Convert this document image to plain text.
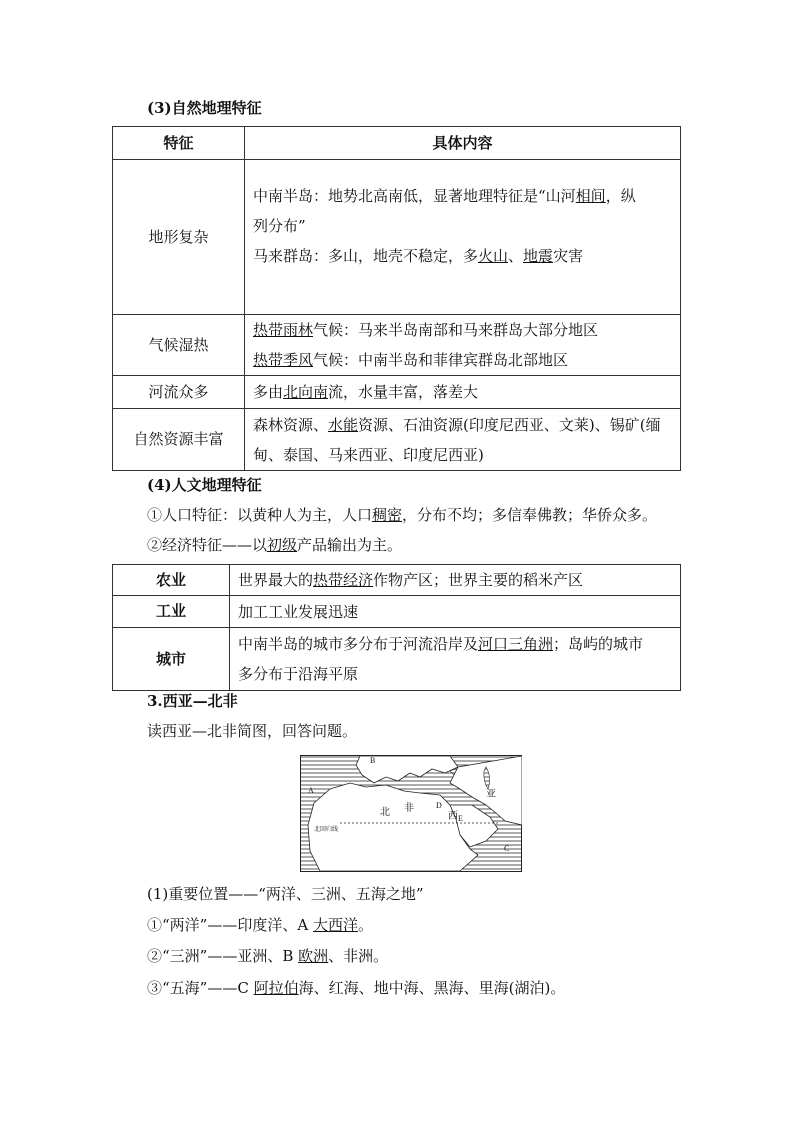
(3)自然地理特征
特征	具体内容
地形复杂	中南半岛：地势北高南低，显著地理特征是“山河相间，纵
列分布”
马来群岛：多山，地壳不稳定，多火山、地震灾害

气候湿热	热带雨林气候：马来半岛南部和马来群岛大部分地区
热带季风气候：中南半岛和菲律宾群岛北部地区

河流众多	多由北向南流，水量丰富，落差大

自然资源丰富	森林资源、水能资源、石油资源(印度尼西亚、文莱)、锡矿(缅
甸、泰国、马来西亚、印度尼西亚)
(4)人文地理特征
①人口特征：以黄种人为主，人口稠密，分布不均；多信奉佛教；华侨众多。
②经济特征——以初级产品输出为主。
农业	世界最大的热带经济作物产区；世界主要的稻米产区

工业	加工工业发展迅速

城市	中南半岛的城市多分布于河流沿岸及河口三角洲；岛屿的城市
多分布于沿海平原
3.西亚—北非
读西亚—北非简图，回答问题。
A
B
C
D
E
北 非
西
亚
北回归线
(1)重要位置——“两洋、三洲、五海之地”
①“两洋”——印度洋、A 大西洋。
②“三洲”——亚洲、B 欧洲、非洲。
③“五海”——C 阿拉伯海、红海、地中海、黑海、里海(湖泊)。
